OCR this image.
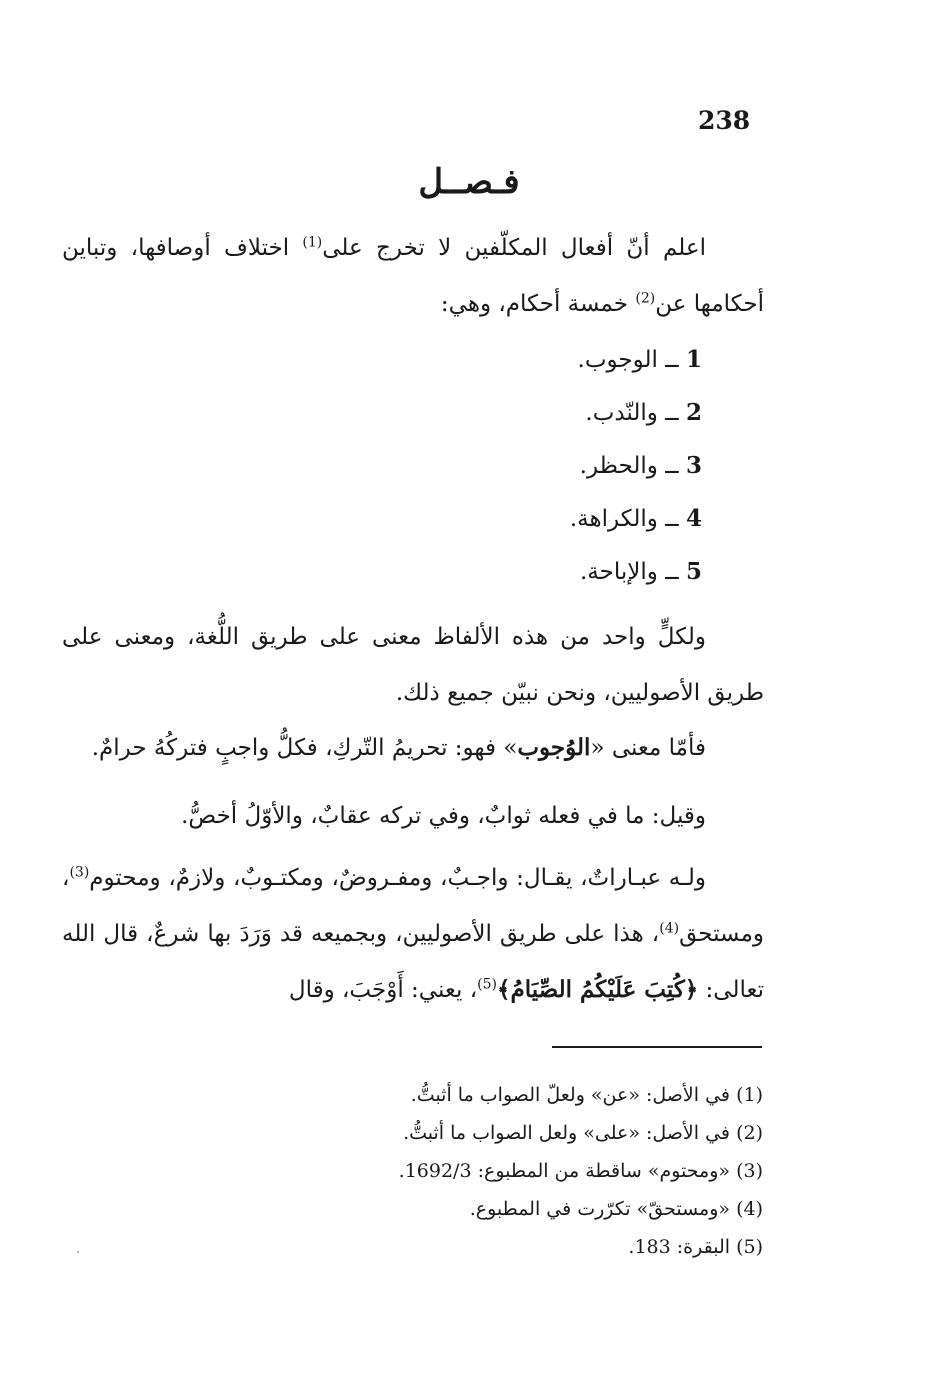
238
فـصــل
اعلم أنّ أفعال المكلّفين لا تخرج على$^{(1)}$ اختلاف أوصافها، وتباين أحكامها عن$^{(2)}$ خمسة أحكام، وهي:
1 ــ الوجوب.
2 ــ والنّدب.
3 ــ والحظر.
4 ــ والكراهة.
5 ــ والإباحة.
ولكلٍّ واحد من هذه الألفاظ معنى على طريق اللُّغة، ومعنى على طريق الأصوليين، ونحن نبيّن جميع ذلك.
فأمّا معنى «الوُجوب» فهو: تحريمُ التّركِ، فكلُّ واجبٍ فتركُهُ حرامٌ.
وقيل: ما في فعله ثوابٌ، وفي تركه عقابٌ، والأوّلُ أخصُّ.
ولـه عبـاراتٌ، يقـال: واجـبٌ، ومفـروضٌ، ومكتـوبٌ، ولازمٌ، ومحتوم$^{(3)}$، ومستحق$^{(4)}$، هذا على طريق الأصوليين، وبجميعه قد وَرَدَ بها شرعٌ، قال الله تعالى: ﴿كُتِبَ عَلَيْكُمُ الصِّيَامُ﴾$^{(5)}$، يعني: أَوْجَبَ، وقال
(1) في الأصل: «عن» ولعلّ الصواب ما أثبتُّ.
(2) في الأصل: «على» ولعل الصواب ما أثبتُّ.
(3) «ومحتوم» ساقطة من المطبوع: 1692/3.
(4) «ومستحقّ» تكرّرت في المطبوع.
(5) البقرة: 183.
